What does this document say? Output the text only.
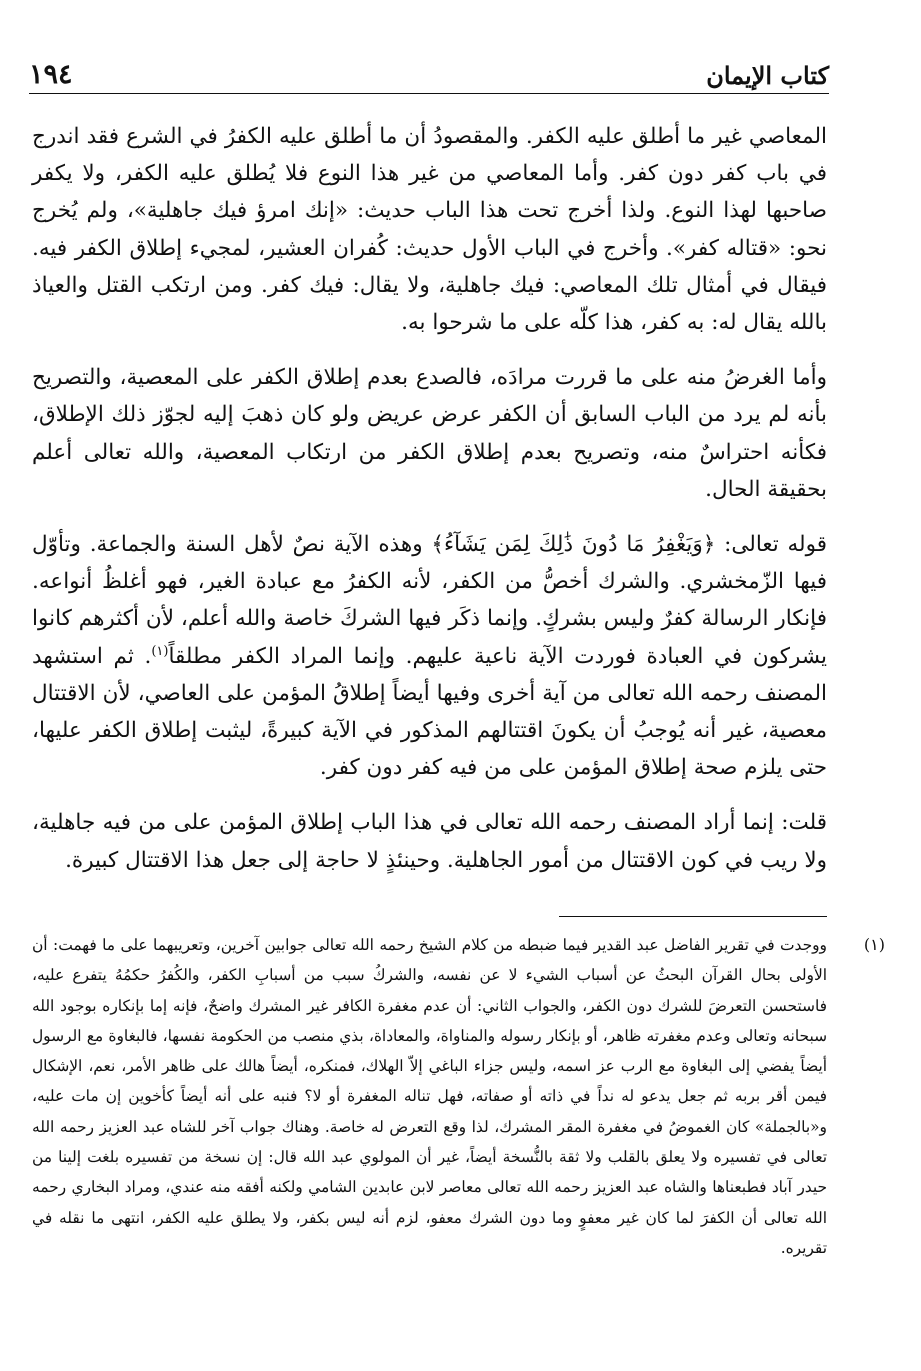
كتاب الإيمان
١٩٤

المعاصي غير ما أطلق عليه الكفر. والمقصودُ أن ما أطلق عليه الكفرُ في الشرع فقد اندرج في باب كفر دون كفر. وأما المعاصي من غير هذا النوع فلا يُطلق عليه الكفر، ولا يكفر صاحبها لهذا النوع. ولذا أخرج تحت هذا الباب حديث: «إنك امرؤ فيك جاهلية»، ولم يُخرج نحو: «قتاله كفر». وأخرج في الباب الأول حديث: كُفران العشير، لمجيء إطلاق الكفر فيه. فيقال في أمثال تلك المعاصي: فيك جاهلية، ولا يقال: فيك كفر. ومن ارتكب القتل والعياذ بالله يقال له: به كفر، هذا كلّه على ما شرحوا به.

وأما الغرضُ منه على ما قررت مرادَه، فالصدع بعدم إطلاق الكفر على المعصية، والتصريح بأنه لم يرد من الباب السابق أن الكفر عرض عريض ولو كان ذهبَ إليه لجوّز ذلك الإطلاق، فكأنه احتراسٌ منه، وتصريح بعدم إطلاق الكفر من ارتكاب المعصية، والله تعالى أعلم بحقيقة الحال.

قوله تعالى: ﴿وَيَغْفِرُ مَا دُونَ ذَٰلِكَ لِمَن يَشَآءُ﴾ وهذه الآية نصٌ لأهل السنة والجماعة. وتأوّل فيها الزّمخشري. والشرك أخصُّ من الكفر، لأنه الكفرُ مع عبادة الغير، فهو أغلظُ أنواعه. فإنكار الرسالة كفرٌ وليس بشركٍ. وإنما ذكَر فيها الشركَ خاصة والله أعلم، لأن أكثرهم كانوا يشركون في العبادة فوردت الآية ناعية عليهم. وإنما المراد الكفر مطلقاً$^{(١)}$. ثم استشهد المصنف رحمه الله تعالى من آية أخرى وفيها أيضاً إطلاقُ المؤمن على العاصي، لأن الاقتتال معصية، غير أنه يُوجبُ أن يكونَ اقتتالهم المذكور في الآية كبيرةً، ليثبت إطلاق الكفر عليها، حتى يلزم صحة إطلاق المؤمن على من فيه كفر دون كفر.

قلت: إنما أراد المصنف رحمه الله تعالى في هذا الباب إطلاق المؤمن على من فيه جاهلية، ولا ريب في كون الاقتتال من أمور الجاهلية. وحينئذٍ لا حاجة إلى جعل هذا الاقتتال كبيرة.

(١)
ووجدت في تقرير الفاضل عبد القدير فيما ضبطه من كلام الشيخ رحمه الله تعالى جوابين آخرين، وتعريبهما على ما فهمت: أن الأولى بحال القرآن البحثُ عن أسباب الشيء لا عن نفسه، والشركُ سبب من أسبابِ الكفر، والكُفرُ حكمُهُ يتفرع عليه، فاستحسن التعرضَ للشرك دون الكفر، والجواب الثاني: أن عدم مغفرة الكافر غير المشرك واضحٌ، فإنه إما بإنكاره بوجود الله سبحانه وتعالى وعدم مغفرته ظاهر، أو بإنكار رسوله والمناواة، والمعاداة، بذي منصب من الحكومة نفسها، فالبغاوة مع الرسول أيضاً يفضي إلى البغاوة مع الرب عز اسمه، وليس جزاء الباغي إلاّ الهلاك، فمنكره، أيضاً هالك على ظاهر الأمر، نعم، الإشكال فيمن أقر بربه ثم جعل يدعو له نداً في ذاته أو صفاته، فهل تناله المغفرة أو لا؟ فنبه على أنه أيضاً كأخوين إن مات عليه، و«بالجملة» كان الغموضُ في مغفرة المقر المشرك، لذا وقع التعرض له خاصة. وهناك جواب آخر للشاه عبد العزيز رحمه الله تعالى في تفسيره ولا يعلق بالقلب ولا ثقة بالنُّسخة أيضاً، غير أن المولوي عبد الله قال: إن نسخة من تفسيره بلغت إلينا من حيدر آباد فطبعناها والشاه عبد العزيز رحمه الله تعالى معاصر لابن عابدين الشامي ولكنه أفقه منه عندي، ومراد البخاري رحمه الله تعالى أن الكفرَ لما كان غير معفوٍ وما دون الشرك معفو، لزم أنه ليس بكفر، ولا يطلق عليه الكفر، انتهى ما نقله في تقريره.
